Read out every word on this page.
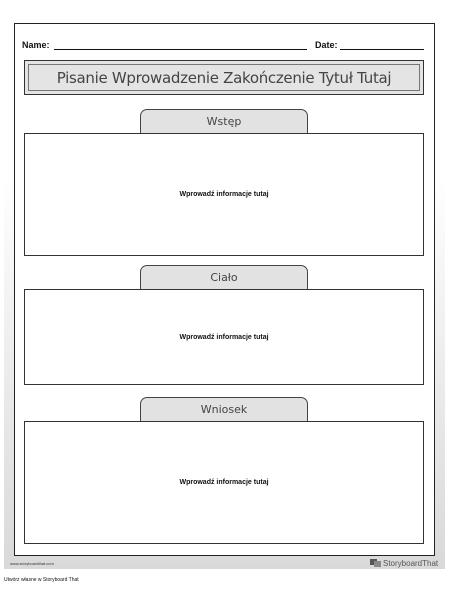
Name:	Date:
Pisanie Wprowadzenie Zakończenie Tytuł Tutaj
Wstęp
Wprowadź informacje tutaj
Ciało
Wprowadź informacje tutaj
Wniosek
Wprowadź informacje tutaj
www.storyboardthat.com	StoryboardThat
Utwórz własne w Storyboard That
